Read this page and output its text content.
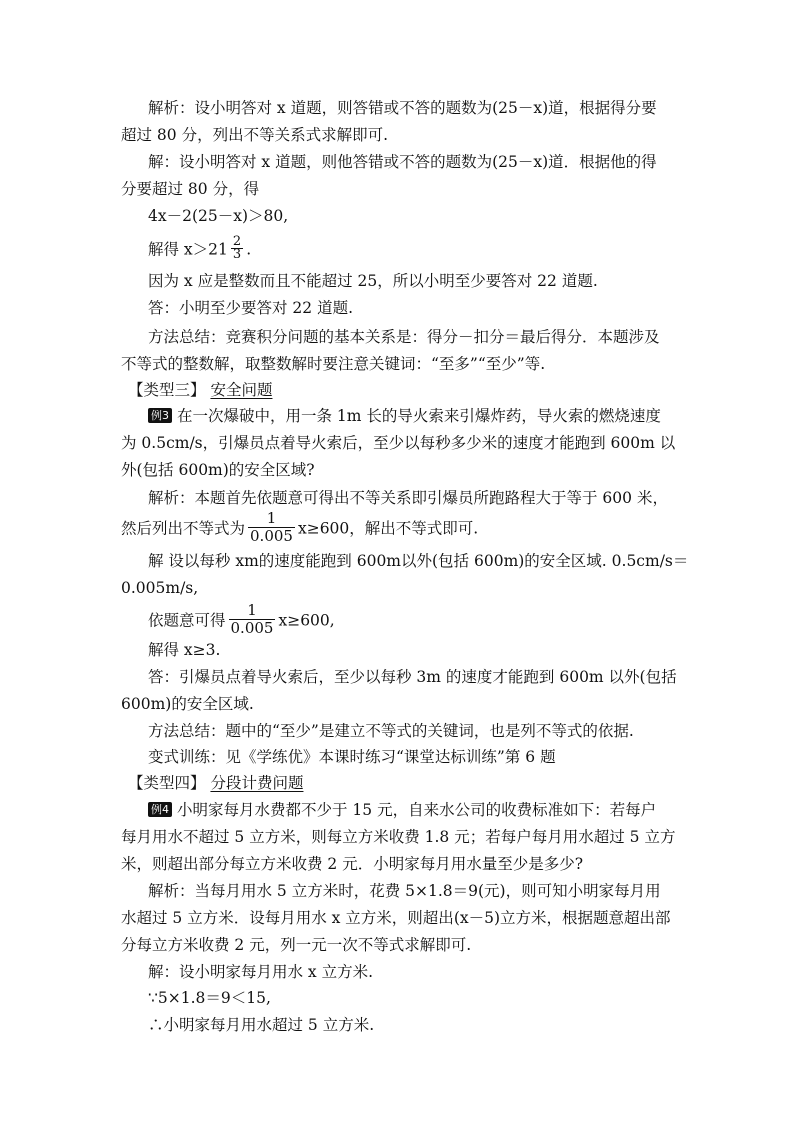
解析：设小明答对 x 道题，则答错或不答的题数为(25－x)道，根据得分要
超过 80 分，列出不等关系式求解即可.
解：设小明答对 x 道题，则他答错或不答的题数为(25－x)道．根据他的得
分要超过 80 分，得
4x－2(25－x)＞80,
解得 $x>21 \frac{2}{3}$ .
因为 x 应是整数而且不能超过 25，所以小明至少要答对 22 道题.
答：小明至少要答对 22 道题.
方法总结：竞赛积分问题的基本关系是：得分－扣分＝最后得分．本题涉及
不等式的整数解，取整数解时要注意关键词：“至多”“至少”等.
【类型三】 安全问题
例3 在一次爆破中，用一条 1m 长的导火索来引爆炸药，导火索的燃烧速度
为 0.5cm/s，引爆员点着导火索后，至少以每秒多少米的速度才能跑到 600m 以
外(包括 600m)的安全区域?
解析：本题首先依题意可得出不等关系即引爆员所跑路程大于等于 600 米，
然后列出不等式为 $\frac{1}{0.005} x\ge 600$，解出不等式即可.
解 设以每秒 xm的速度能跑到 600m以外(包括 600m)的安全区域. 0.5cm/s＝
0.005m/s,
依题意可得 $\frac{1}{0.005} x\ge 600$,
解得 x≥3.
答：引爆员点着导火索后，至少以每秒 3m 的速度才能跑到 600m 以外(包括
600m)的安全区域.
方法总结：题中的“至少”是建立不等式的关键词，也是列不等式的依据.
变式训练：见《学练优》本课时练习“课堂达标训练”第 6 题
【类型四】 分段计费问题
例4 小明家每月水费都不少于 15 元，自来水公司的收费标准如下：若每户
每月用水不超过 5 立方米，则每立方米收费 1.8 元；若每户每月用水超过 5 立方
米，则超出部分每立方米收费 2 元．小明家每月用水量至少是多少?
解析：当每月用水 5 立方米时，花费 5×1.8＝9(元)，则可知小明家每月用
水超过 5 立方米．设每月用水 x 立方米，则超出(x－5)立方米，根据题意超出部
分每立方米收费 2 元，列一元一次不等式求解即可.
解：设小明家每月用水 x 立方米.
∵5×1.8＝9＜15,
∴小明家每月用水超过 5 立方米.
